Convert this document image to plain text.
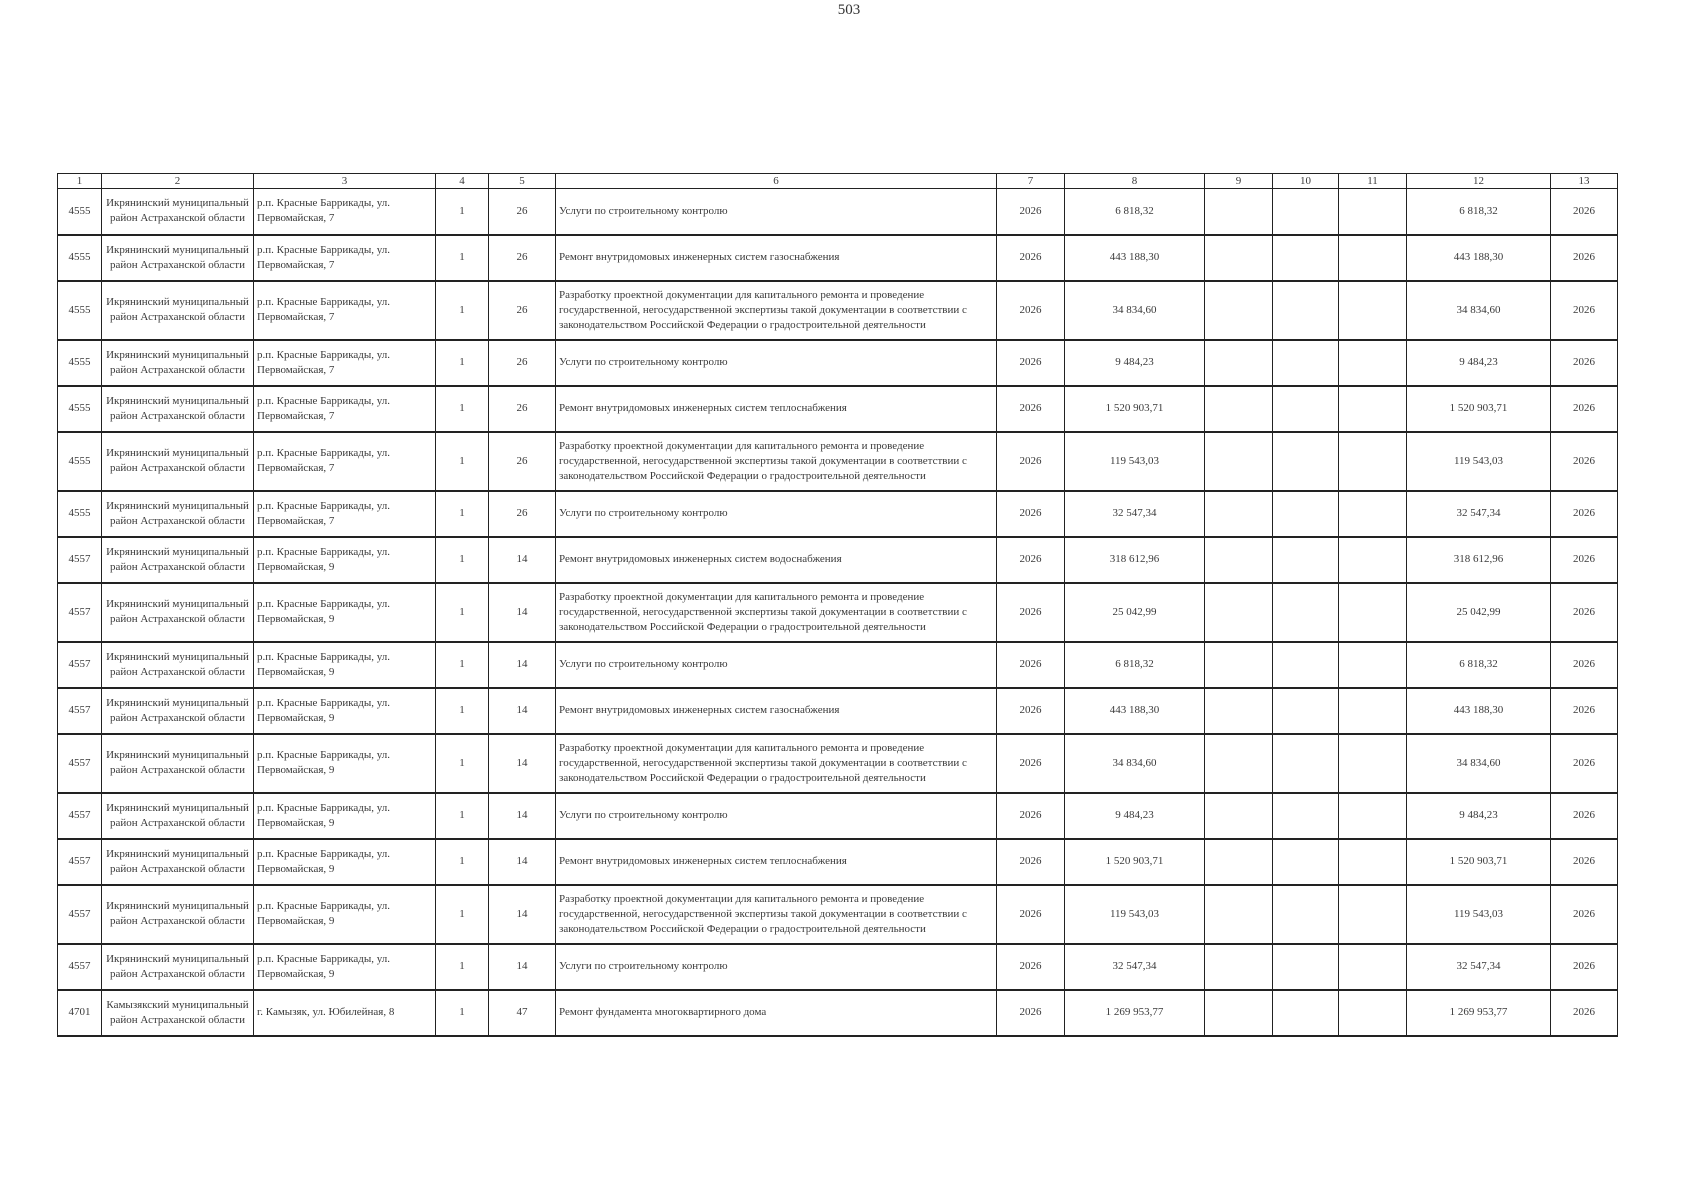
503
1	2	3	4	5	6	7	8	9	10	11	12	13
4555	Икрянинский муниципальный район Астраханской области	р.п. Красные Баррикады, ул. Первомайская, 7	1	26	Услуги по строительному контролю	2026	6 818,32				6 818,32	2026
4555	Икрянинский муниципальный район Астраханской области	р.п. Красные Баррикады, ул. Первомайская, 7	1	26	Ремонт внутридомовых инженерных систем газоснабжения	2026	443 188,30				443 188,30	2026
4555	Икрянинский муниципальный район Астраханской области	р.п. Красные Баррикады, ул. Первомайская, 7	1	26	Разработку проектной документации для капитального ремонта и проведение государственной, негосударственной экспертизы такой документации в соответствии с законодательством Российской Федерации о градостроительной деятельности	2026	34 834,60				34 834,60	2026
4555	Икрянинский муниципальный район Астраханской области	р.п. Красные Баррикады, ул. Первомайская, 7	1	26	Услуги по строительному контролю	2026	9 484,23				9 484,23	2026
4555	Икрянинский муниципальный район Астраханской области	р.п. Красные Баррикады, ул. Первомайская, 7	1	26	Ремонт внутридомовых инженерных систем теплоснабжения	2026	1 520 903,71				1 520 903,71	2026
4555	Икрянинский муниципальный район Астраханской области	р.п. Красные Баррикады, ул. Первомайская, 7	1	26	Разработку проектной документации для капитального ремонта и проведение государственной, негосударственной экспертизы такой документации в соответствии с законодательством Российской Федерации о градостроительной деятельности	2026	119 543,03				119 543,03	2026
4555	Икрянинский муниципальный район Астраханской области	р.п. Красные Баррикады, ул. Первомайская, 7	1	26	Услуги по строительному контролю	2026	32 547,34				32 547,34	2026
4557	Икрянинский муниципальный район Астраханской области	р.п. Красные Баррикады, ул. Первомайская, 9	1	14	Ремонт внутридомовых инженерных систем водоснабжения	2026	318 612,96				318 612,96	2026
4557	Икрянинский муниципальный район Астраханской области	р.п. Красные Баррикады, ул. Первомайская, 9	1	14	Разработку проектной документации для капитального ремонта и проведение государственной, негосударственной экспертизы такой документации в соответствии с законодательством Российской Федерации о градостроительной деятельности	2026	25 042,99				25 042,99	2026
4557	Икрянинский муниципальный район Астраханской области	р.п. Красные Баррикады, ул. Первомайская, 9	1	14	Услуги по строительному контролю	2026	6 818,32				6 818,32	2026
4557	Икрянинский муниципальный район Астраханской области	р.п. Красные Баррикады, ул. Первомайская, 9	1	14	Ремонт внутридомовых инженерных систем газоснабжения	2026	443 188,30				443 188,30	2026
4557	Икрянинский муниципальный район Астраханской области	р.п. Красные Баррикады, ул. Первомайская, 9	1	14	Разработку проектной документации для капитального ремонта и проведение государственной, негосударственной экспертизы такой документации в соответствии с законодательством Российской Федерации о градостроительной деятельности	2026	34 834,60				34 834,60	2026
4557	Икрянинский муниципальный район Астраханской области	р.п. Красные Баррикады, ул. Первомайская, 9	1	14	Услуги по строительному контролю	2026	9 484,23				9 484,23	2026
4557	Икрянинский муниципальный район Астраханской области	р.п. Красные Баррикады, ул. Первомайская, 9	1	14	Ремонт внутридомовых инженерных систем теплоснабжения	2026	1 520 903,71				1 520 903,71	2026
4557	Икрянинский муниципальный район Астраханской области	р.п. Красные Баррикады, ул. Первомайская, 9	1	14	Разработку проектной документации для капитального ремонта и проведение государственной, негосударственной экспертизы такой документации в соответствии с законодательством Российской Федерации о градостроительной деятельности	2026	119 543,03				119 543,03	2026
4557	Икрянинский муниципальный район Астраханской области	р.п. Красные Баррикады, ул. Первомайская, 9	1	14	Услуги по строительному контролю	2026	32 547,34				32 547,34	2026
4701	Камызякский муниципальный район Астраханской области	г. Камызяк, ул. Юбилейная, 8	1	47	Ремонт фундамента многоквартирного дома	2026	1 269 953,77				1 269 953,77	2026
